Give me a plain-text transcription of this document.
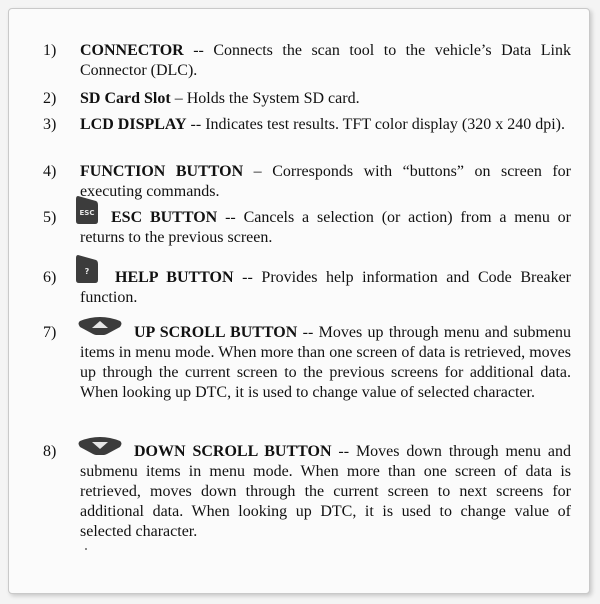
1) CONNECTOR -- Connects the scan tool to the vehicle’s Data Link Connector (DLC).
2) SD Card Slot – Holds the System SD card.
3) LCD DISPLAY -- Indicates test results. TFT color display (320 x 240 dpi).
4) FUNCTION BUTTON – Corresponds with “buttons” on screen for executing commands.
5)	ESC	ESC BUTTON -- Cancels a selection (or action) from a menu or returns to the previous screen.
6)	?	HELP BUTTON -- Provides help information and Code Breaker function.
7)	UP SCROLL BUTTON -- Moves up through menu and submenu items in menu mode. When more than one screen of data is retrieved, moves up through the current screen to the previous screens for additional data. When looking up DTC, it is used to change value of selected character.
8)	DOWN SCROLL BUTTON -- Moves down through menu and submenu items in menu mode. When more than one screen of data is retrieved, moves down through the current screen to next screens for additional data. When looking up DTC, it is used to change value of selected character.
